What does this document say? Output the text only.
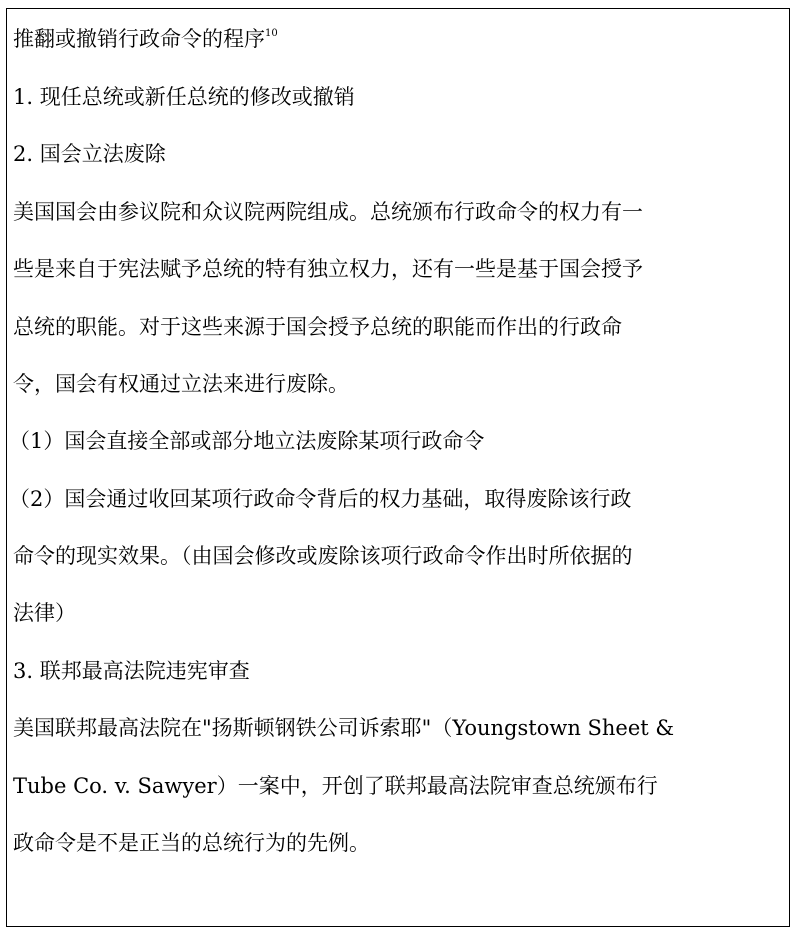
推翻或撤销行政命令的程序$^{10}$
1. 现任总统或新任总统的修改或撤销
2. 国会立法废除
美国国会由参议院和众议院两院组成。总统颁布行政命令的权力有一
些是来自于宪法赋予总统的特有独立权力，还有一些是基于国会授予
总统的职能。对于这些来源于国会授予总统的职能而作出的行政命
令，国会有权通过立法来进行废除。
（1）国会直接全部或部分地立法废除某项行政命令
（2）国会通过收回某项行政命令背后的权力基础，取得废除该行政
命令的现实效果。（由国会修改或废除该项行政命令作出时所依据的
法律）
3. 联邦最高法院违宪审查
美国联邦最高法院在"扬斯顿钢铁公司诉索耶"（Youngstown Sheet &
Tube Co. v. Sawyer）一案中，开创了联邦最高法院审查总统颁布行
政命令是不是正当的总统行为的先例。
